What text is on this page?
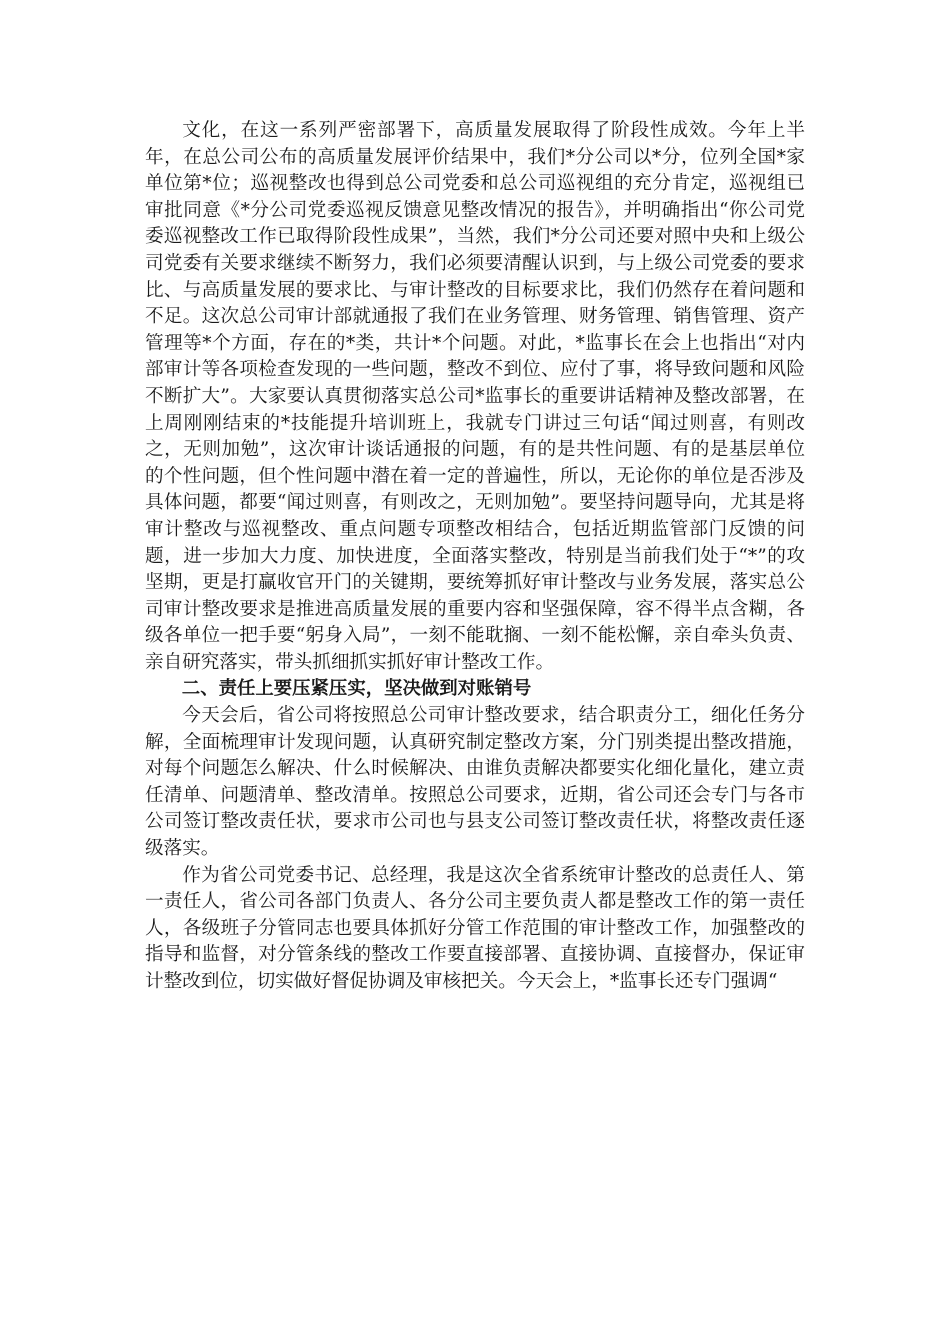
文化，在这一系列严密部署下，高质量发展取得了阶段性成效。今年上半年，在总公司公布的高质量发展评价结果中，我们*分公司以*分，位列全国*家单位第*位；巡视整改也得到总公司党委和总公司巡视组的充分肯定，巡视组已审批同意《*分公司党委巡视反馈意见整改情况的报告》，并明确指出“你公司党委巡视整改工作已取得阶段性成果”，当然，我们*分公司还要对照中央和上级公司党委有关要求继续不断努力，我们必须要清醒认识到，与上级公司党委的要求比、与高质量发展的要求比、与审计整改的目标要求比，我们仍然存在着问题和不足。这次总公司审计部就通报了我们在业务管理、财务管理、销售管理、资产管理等*个方面，存在的*类，共计*个问题。对此，*监事长在会上也指出“对内部审计等各项检查发现的一些问题，整改不到位、应付了事，将导致问题和风险不断扩大”。大家要认真贯彻落实总公司*监事长的重要讲话精神及整改部署，在上周刚刚结束的*技能提升培训班上，我就专门讲过三句话“闻过则喜，有则改之，无则加勉”，这次审计谈话通报的问题，有的是共性问题、有的是基层单位的个性问题，但个性问题中潜在着一定的普遍性，所以，无论你的单位是否涉及具体问题，都要“闻过则喜，有则改之，无则加勉”。要坚持问题导向，尤其是将审计整改与巡视整改、重点问题专项整改相结合，包括近期监管部门反馈的问题，进一步加大力度、加快进度，全面落实整改，特别是当前我们处于“*”的攻坚期，更是打赢收官开门的关键期，要统筹抓好审计整改与业务发展，落实总公司审计整改要求是推进高质量发展的重要内容和坚强保障，容不得半点含糊，各级各单位一把手要“躬身入局”，一刻不能耽搁、一刻不能松懈，亲自牵头负责、亲自研究落实，带头抓细抓实抓好审计整改工作。

二、责任上要压紧压实，坚决做到对账销号

今天会后，省公司将按照总公司审计整改要求，结合职责分工，细化任务分解，全面梳理审计发现问题，认真研究制定整改方案，分门别类提出整改措施，对每个问题怎么解决、什么时候解决、由谁负责解决都要实化细化量化，建立责任清单、问题清单、整改清单。按照总公司要求，近期，省公司还会专门与各市公司签订整改责任状，要求市公司也与县支公司签订整改责任状，将整改责任逐级落实。

作为省公司党委书记、总经理，我是这次全省系统审计整改的总责任人、第一责任人，省公司各部门负责人、各分公司主要负责人都是整改工作的第一责任人，各级班子分管同志也要具体抓好分管工作范围的审计整改工作，加强整改的指导和监督，对分管条线的整改工作要直接部署、直接协调、直接督办，保证审计整改到位，切实做好督促协调及审核把关。今天会上，*监事长还专门强调“
